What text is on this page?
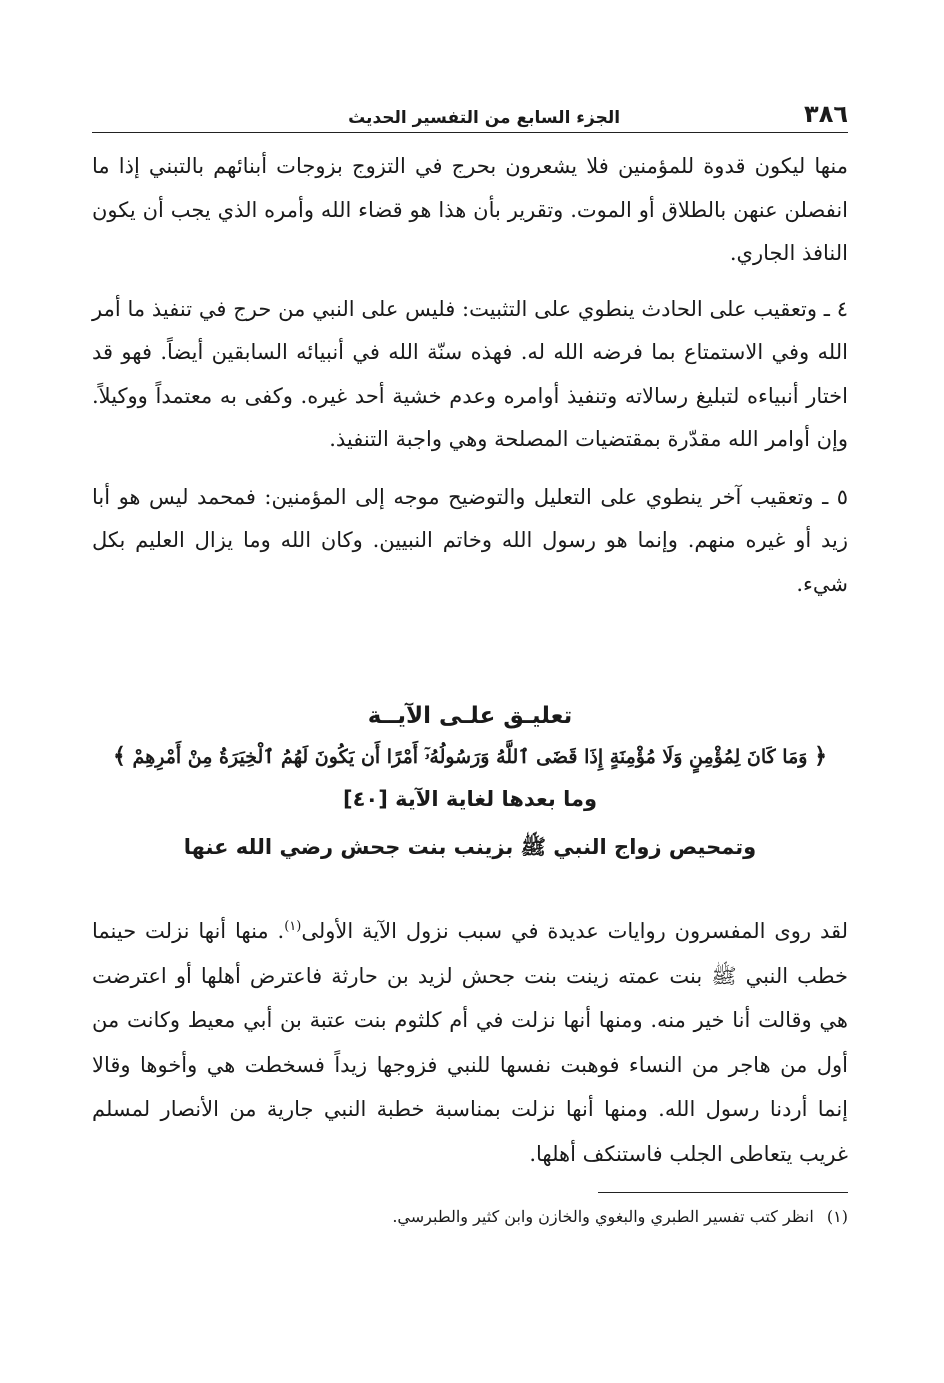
٣٨٦
الجزء السابع من التفسير الحديث

منها ليكون قدوة للمؤمنين فلا يشعرون بحرج في التزوج بزوجات أبنائهم بالتبني إذا ما انفصلن عنهن بالطلاق أو الموت. وتقرير بأن هذا هو قضاء الله وأمره الذي يجب أن يكون النافذ الجاري.

٤ ـ وتعقيب على الحادث ينطوي على التثبيت: فليس على النبي من حرج في تنفيذ ما أمر الله وفي الاستمتاع بما فرضه الله له. فهذه سنّة الله في أنبيائه السابقين أيضاً. فهو قد اختار أنبياءه لتبليغ رسالاته وتنفيذ أوامره وعدم خشية أحد غيره. وكفى به معتمداً ووكيلاً. وإن أوامر الله مقدّرة بمقتضيات المصلحة وهي واجبة التنفيذ.

٥ ـ وتعقيب آخر ينطوي على التعليل والتوضيح موجه إلى المؤمنين: فمحمد ليس هو أبا زيد أو غيره منهم. وإنما هو رسول الله وخاتم النبيين. وكان الله وما يزال العليم بكل شيء.

تعليـق علـى الآيــة
﴿ وَمَا كَانَ لِمُؤْمِنٍ وَلَا مُؤْمِنَةٍ إِذَا قَضَى ٱللَّهُ وَرَسُولُهُۥٓ أَمْرًا أَن يَكُونَ لَهُمُ ٱلْخِيَرَةُ مِنْ أَمْرِهِمْ ﴾
وما بعدها لغاية الآية [٤٠]
وتمحيص زواج النبي ﷺ بزينب بنت جحش رضي الله عنها

لقد روى المفسرون روايات عديدة في سبب نزول الآية الأولى$^{(١)}$. منها أنها نزلت حينما خطب النبي ﷺ بنت عمته زينت بنت جحش لزيد بن حارثة فاعترض أهلها أو اعترضت هي وقالت أنا خير منه. ومنها أنها نزلت في أم كلثوم بنت عتبة بن أبي معيط وكانت من أول من هاجر من النساء فوهبت نفسها للنبي فزوجها زيداً فسخطت هي وأخوها وقالا إنما أردنا رسول الله. ومنها أنها نزلت بمناسبة خطبة النبي جارية من الأنصار لمسلم غريب يتعاطى الجلب فاستنكف أهلها.

(١) انظر كتب تفسير الطبري والبغوي والخازن وابن كثير والطبرسي.
